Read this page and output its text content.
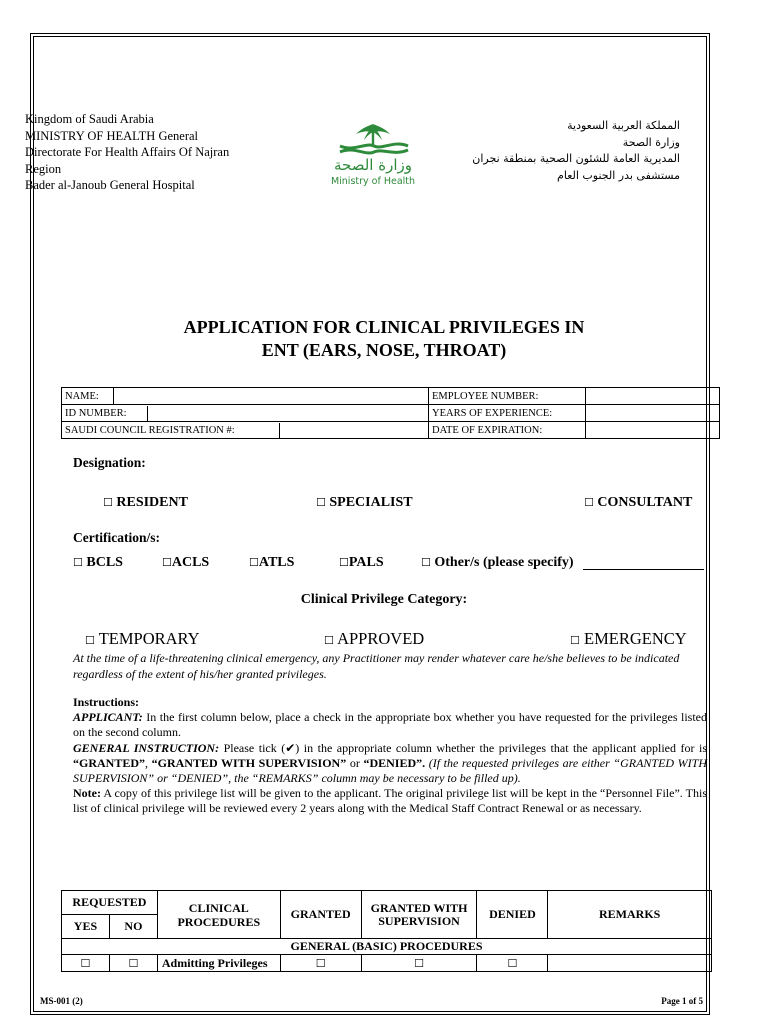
Kingdom of Saudi Arabia
MINISTRY OF HEALTH General
Directorate For Health Affairs Of Najran
Region
Bader al-Janoub General Hospital
وزارة الصحة
Ministry of Health
المملكة العربية السعودية
وزارة الصحة
المديرية العامة للشئون الصحية بمنطقة نجران
مستشفى بدر الجنوب العام
APPLICATION FOR CLINICAL PRIVILEGES IN
ENT (EARS, NOSE, THROAT)
NAME:		EMPLOYEE NUMBER:	
ID NUMBER:		YEARS OF EXPERIENCE:	
SAUDI COUNCIL REGISTRATION #:		DATE OF EXPIRATION:	
Designation:
☐ RESIDENT	☐ SPECIALIST	☐ CONSULTANT
Certification/s:
☐ BCLS	☐ACLS	☐ATLS	☐PALS	☐ Other/s (please specify)
Clinical Privilege Category:
☐ TEMPORARY	☐ APPROVED	☐ EMERGENCY
At the time of a life-threatening clinical emergency, any Practitioner may render whatever care he/she believes to be indicated regardless of the extent of his/her granted privileges.

Instructions:

APPLICANT: In the first column below, place a check in the appropriate box whether you have requested for the privileges listed on the second column.

GENERAL INSTRUCTION: Please tick (✔) in the appropriate column whether the privileges that the applicant applied for is “GRANTED”, “GRANTED WITH SUPERVISION” or “DENIED”. (If the requested privileges are either “GRANTED WITH SUPERVISION” or “DENIED”, the “REMARKS” column may be necessary to be filled up).

Note: A copy of this privilege list will be given to the applicant. The original privilege list will be kept in the “Personnel File”. This list of clinical privilege will be reviewed every 2 years along with the Medical Staff Contract Renewal or as necessary.

REQUESTED		CLINICAL PROCEDURES	GRANTED	GRANTED WITH SUPERVISION	DENIED	REMARKS
YES	NO					
GENERAL (BASIC) PROCEDURES						
☐	☐	Admitting Privileges	☐	☐	☐	
MS-001 (2)	Page 1 of 5
